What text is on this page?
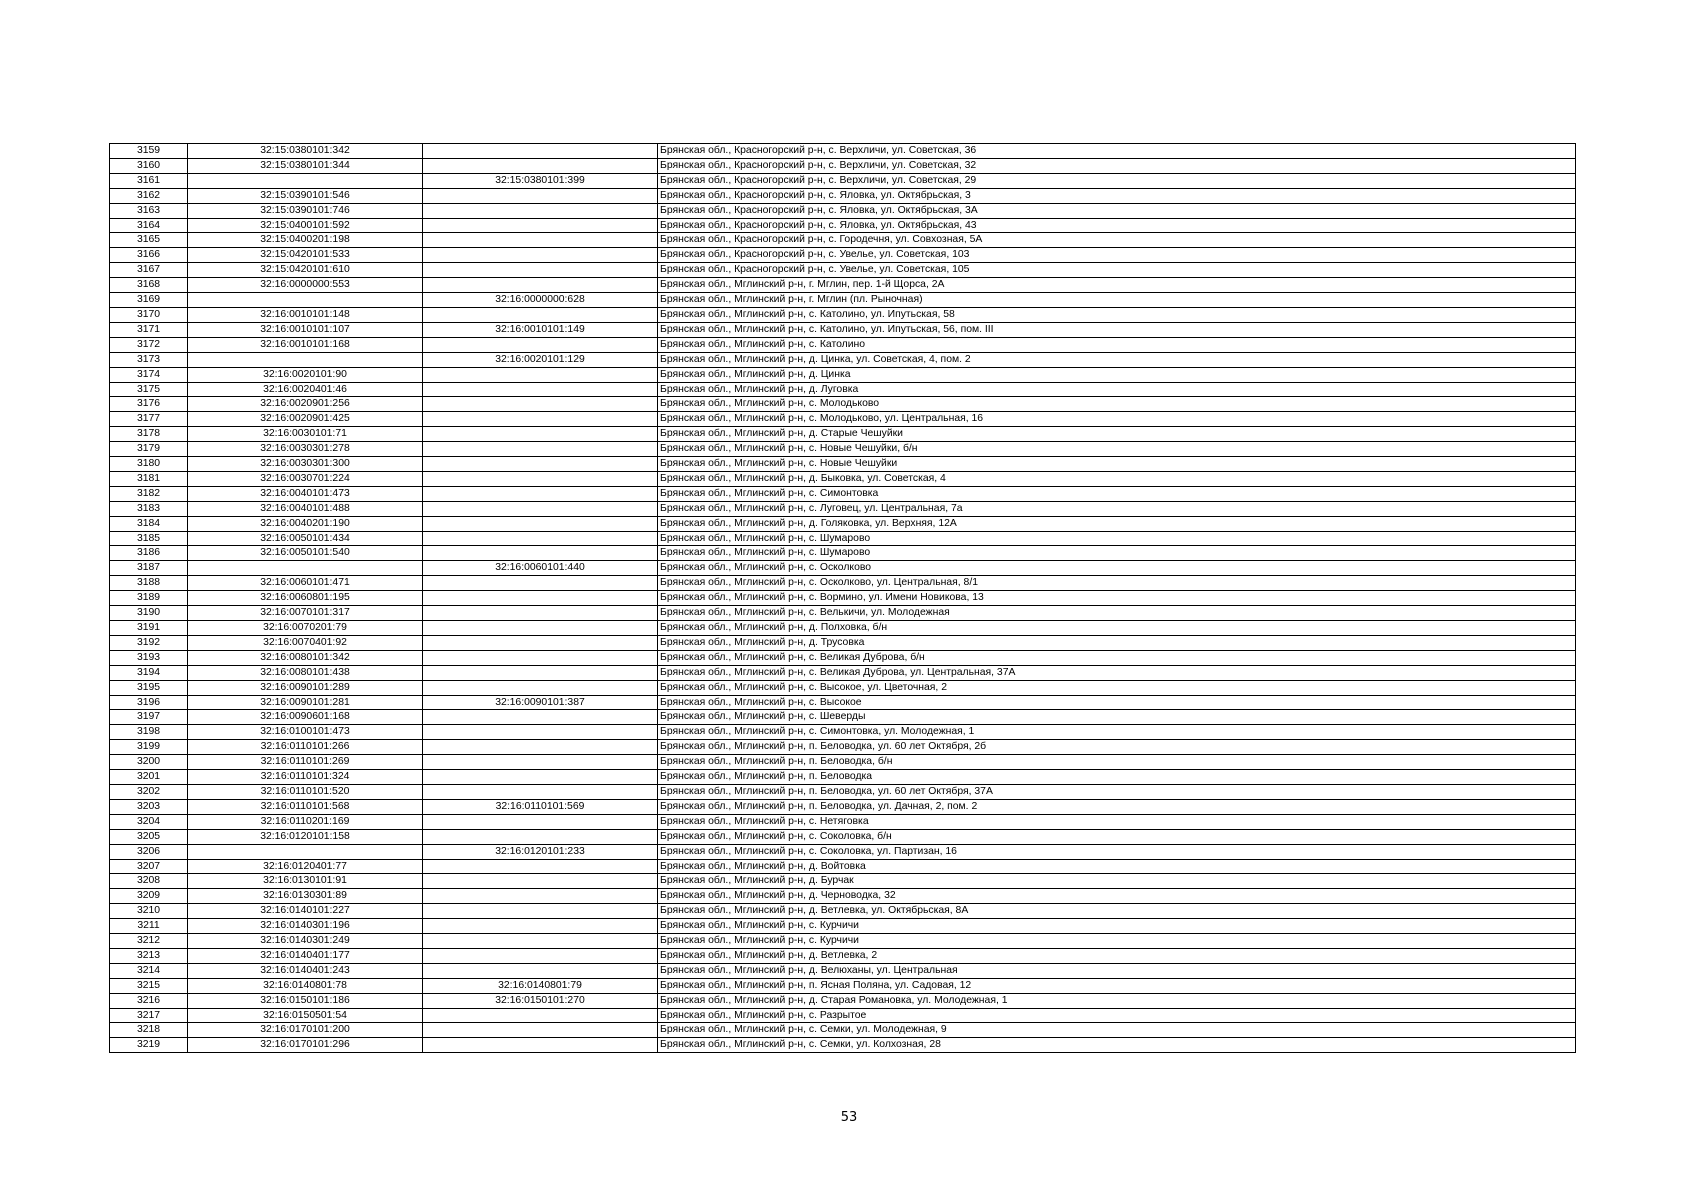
3159	32:15:0380101:342		Брянская обл., Красногорский р-н, с. Верхличи, ул. Советская, 36
3160	32:15:0380101:344		Брянская обл., Красногорский р-н, с. Верхличи, ул. Советская, 32
3161		32:15:0380101:399	Брянская обл., Красногорский р-н, с. Верхличи, ул. Советская, 29
3162	32:15:0390101:546		Брянская обл., Красногорский р-н, с. Яловка, ул. Октябрьская, 3
3163	32:15:0390101:746		Брянская обл., Красногорский р-н, с. Яловка, ул. Октябрьская, 3А
3164	32:15:0400101:592		Брянская обл., Красногорский р-н, с. Яловка, ул. Октябрьская, 43
3165	32:15:0400201:198		Брянская обл., Красногорский р-н, с. Городечня, ул. Совхозная, 5А
3166	32:15:0420101:533		Брянская обл., Красногорский р-н, с. Увелье, ул. Советская, 103
3167	32:15:0420101:610		Брянская обл., Красногорский р-н, с. Увелье, ул. Советская, 105
3168	32:16:0000000:553		Брянская обл., Мглинский р-н, г. Мглин, пер. 1-й Щорса, 2А
3169		32:16:0000000:628	Брянская обл., Мглинский р-н, г. Мглин (пл. Рыночная)
3170	32:16:0010101:148		Брянская обл., Мглинский р-н, с. Католино, ул. Ипутьская, 58
3171	32:16:0010101:107	32:16:0010101:149	Брянская обл., Мглинский р-н, с. Католино, ул. Ипутьская, 56, пом. III
3172	32:16:0010101:168		Брянская обл., Мглинский р-н, с. Католино
3173		32:16:0020101:129	Брянская обл., Мглинский р-н, д. Цинка, ул. Советская, 4, пом. 2
3174	32:16:0020101:90		Брянская обл., Мглинский р-н, д. Цинка
3175	32:16:0020401:46		Брянская обл., Мглинский р-н, д. Луговка
3176	32:16:0020901:256		Брянская обл., Мглинский р-н, с. Молодьково
3177	32:16:0020901:425		Брянская обл., Мглинский р-н, с. Молодьково, ул. Центральная, 16
3178	32:16:0030101:71		Брянская обл., Мглинский р-н, д. Старые Чешуйки
3179	32:16:0030301:278		Брянская обл., Мглинский р-н, с. Новые Чешуйки, б/н
3180	32:16:0030301:300		Брянская обл., Мглинский р-н, с. Новые Чешуйки
3181	32:16:0030701:224		Брянская обл., Мглинский р-н, д. Быковка, ул. Советская, 4
3182	32:16:0040101:473		Брянская обл., Мглинский р-н, с. Симонтовка
3183	32:16:0040101:488		Брянская обл., Мглинский р-н, с. Луговец, ул. Центральная, 7а
3184	32:16:0040201:190		Брянская обл., Мглинский р-н, д. Голяковка, ул. Верхняя, 12А
3185	32:16:0050101:434		Брянская обл., Мглинский р-н, с. Шумарово
3186	32:16:0050101:540		Брянская обл., Мглинский р-н, с. Шумарово
3187		32:16:0060101:440	Брянская обл., Мглинский р-н, с. Осколково
3188	32:16:0060101:471		Брянская обл., Мглинский р-н, с. Осколково, ул. Центральная, 8/1
3189	32:16:0060801:195		Брянская обл., Мглинский р-н, с. Вормино, ул. Имени Новикова, 13
3190	32:16:0070101:317		Брянская обл., Мглинский р-н, с. Велькичи, ул. Молодежная
3191	32:16:0070201:79		Брянская обл., Мглинский р-н, д. Полховка, б/н
3192	32:16:0070401:92		Брянская обл., Мглинский р-н, д. Трусовка
3193	32:16:0080101:342		Брянская обл., Мглинский р-н, с. Великая Дуброва, б/н
3194	32:16:0080101:438		Брянская обл., Мглинский р-н, с. Великая Дуброва, ул. Центральная, 37А
3195	32:16:0090101:289		Брянская обл., Мглинский р-н, с. Высокое, ул. Цветочная, 2
3196	32:16:0090101:281	32:16:0090101:387	Брянская обл., Мглинский р-н, с. Высокое
3197	32:16:0090601:168		Брянская обл., Мглинский р-н, с. Шеверды
3198	32:16:0100101:473		Брянская обл., Мглинский р-н, с. Симонтовка, ул. Молодежная, 1
3199	32:16:0110101:266		Брянская обл., Мглинский р-н, п. Беловодка, ул. 60 лет Октября, 2б
3200	32:16:0110101:269		Брянская обл., Мглинский р-н, п. Беловодка, б/н
3201	32:16:0110101:324		Брянская обл., Мглинский р-н, п. Беловодка
3202	32:16:0110101:520		Брянская обл., Мглинский р-н, п. Беловодка, ул. 60 лет Октября, 37А
3203	32:16:0110101:568	32:16:0110101:569	Брянская обл., Мглинский р-н, п. Беловодка, ул. Дачная, 2, пом. 2
3204	32:16:0110201:169		Брянская обл., Мглинский р-н, с. Нетяговка
3205	32:16:0120101:158		Брянская обл., Мглинский р-н, с. Соколовка, б/н
3206		32:16:0120101:233	Брянская обл., Мглинский р-н, с. Соколовка, ул. Партизан, 16
3207	32:16:0120401:77		Брянская обл., Мглинский р-н, д. Войтовка
3208	32:16:0130101:91		Брянская обл., Мглинский р-н, д. Бурчак
3209	32:16:0130301:89		Брянская обл., Мглинский р-н, д. Черноводка, 32
3210	32:16:0140101:227		Брянская обл., Мглинский р-н, д. Ветлевка, ул. Октябрьская, 8А
3211	32:16:0140301:196		Брянская обл., Мглинский р-н, с. Курчичи
3212	32:16:0140301:249		Брянская обл., Мглинский р-н, с. Курчичи
3213	32:16:0140401:177		Брянская обл., Мглинский р-н, д. Ветлевка, 2
3214	32:16:0140401:243		Брянская обл., Мглинский р-н, д. Велюханы, ул. Центральная
3215	32:16:0140801:78	32:16:0140801:79	Брянская обл., Мглинский р-н, п. Ясная Поляна, ул. Садовая, 12
3216	32:16:0150101:186	32:16:0150101:270	Брянская обл., Мглинский р-н, д. Старая Романовка, ул. Молодежная, 1
3217	32:16:0150501:54		Брянская обл., Мглинский р-н, с. Разрытое
3218	32:16:0170101:200		Брянская обл., Мглинский р-н, с. Семки, ул. Молодежная, 9
3219	32:16:0170101:296		Брянская обл., Мглинский р-н, с. Семки, ул. Колхозная, 28
53
